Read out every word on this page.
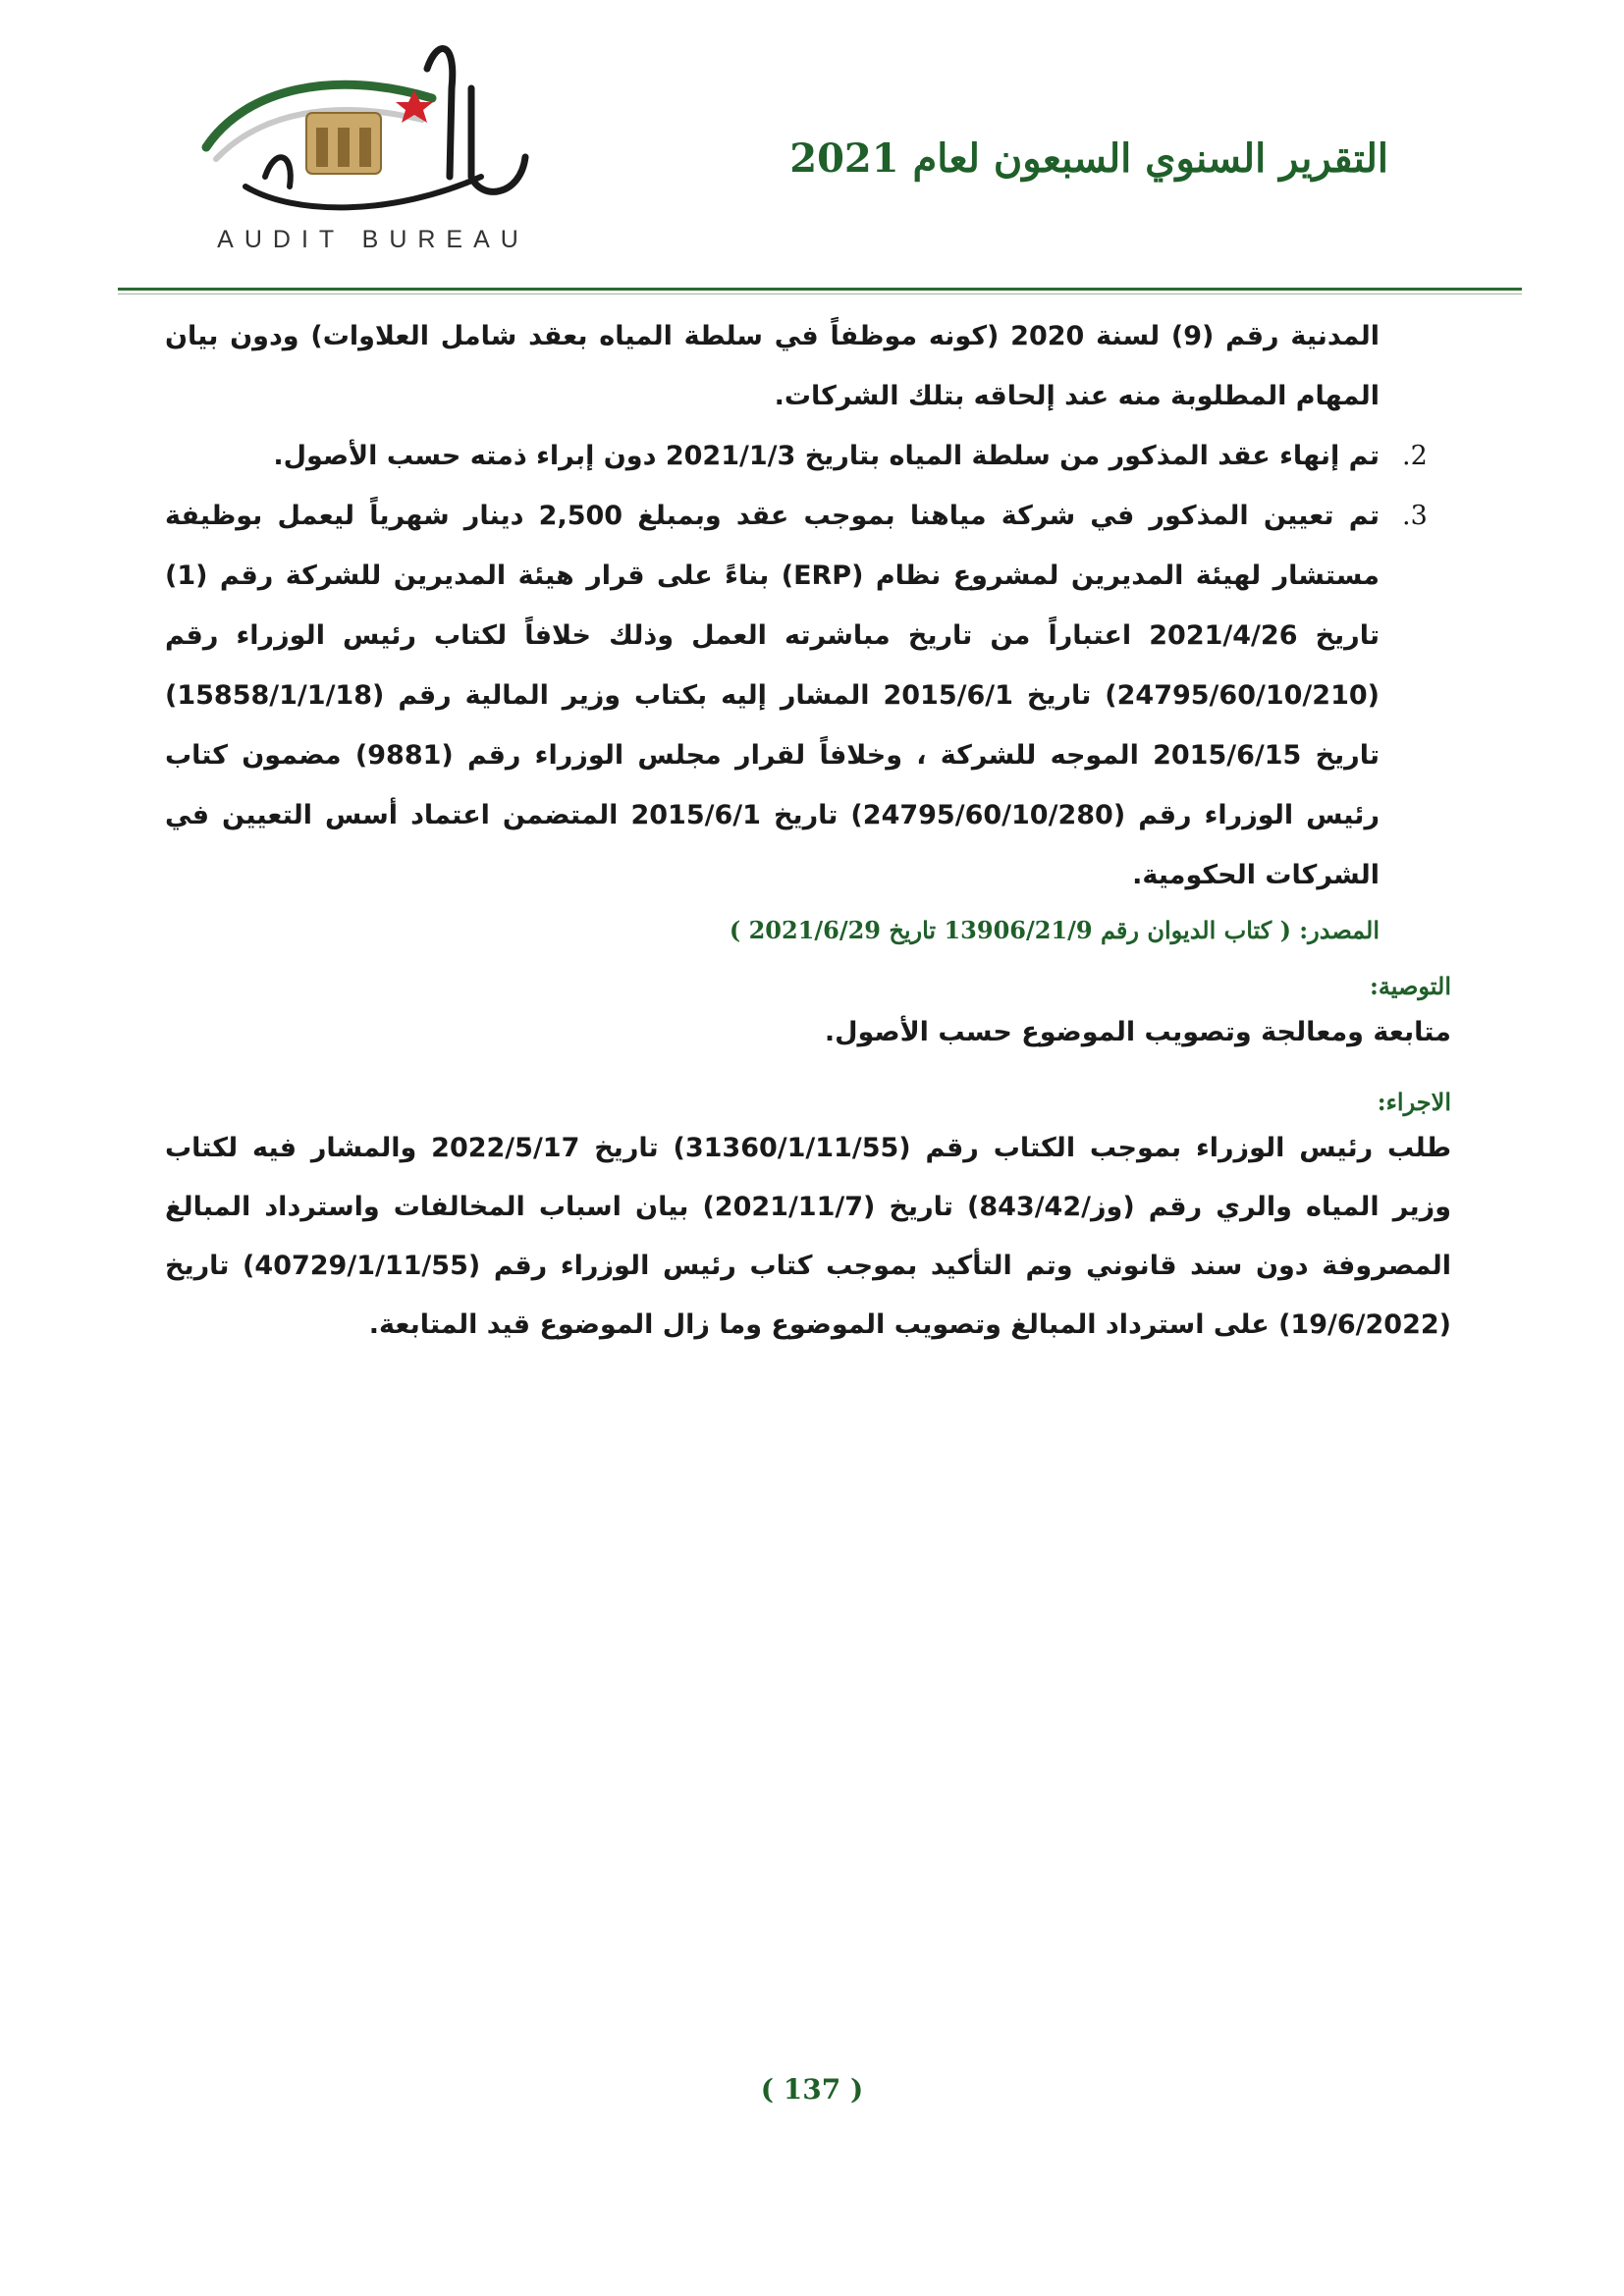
AUDIT BUREAU
التقرير السنوي السبعون لعام 2021

المدنية رقم (9) لسنة 2020 (كونه موظفاً في سلطة المياه بعقد شامل العلاوات) ودون بيان المهام المطلوبة منه عند إلحاقه بتلك الشركات.

2.

تم إنهاء عقد المذكور من سلطة المياه بتاريخ 2021/1/3 دون إبراء ذمته حسب الأصول.

3.

تم تعيين المذكور في شركة مياهنا بموجب عقد وبمبلغ 2,500 دينار شهرياً ليعمل بوظيفة مستشار لهيئة المديرين لمشروع نظام (ERP) بناءً على قرار هيئة المديرين للشركة رقم (1) تاريخ 2021/4/26 اعتباراً من تاريخ مباشرته العمل وذلك خلافاً لكتاب رئيس الوزراء رقم (24795/60/10/210) تاريخ 2015/6/1 المشار إليه بكتاب وزير المالية رقم (15858/1/1/18) تاريخ 2015/6/15 الموجه للشركة ، وخلافاً لقرار مجلس الوزراء رقم (9881) مضمون كتاب رئيس الوزراء رقم (24795/60/10/280) تاريخ 2015/6/1 المتضمن اعتماد أسس التعيين في الشركات الحكومية.

المصدر: ( كتاب الديوان رقم 13906/21/9 تاريخ 2021/6/29 )

التوصية:

متابعة ومعالجة وتصويب الموضوع حسب الأصول.

الاجراء:

طلب رئيس الوزراء بموجب الكتاب رقم (31360/1/11/55) تاريخ 2022/5/17 والمشار فيه لكتاب وزير المياه والري رقم (وز/843/42) تاريخ (2021/11/7) بيان اسباب المخالفات واسترداد المبالغ المصروفة دون سند قانوني وتم التأكيد بموجب كتاب رئيس الوزراء رقم (40729/1/11/55) تاريخ (19/6/2022) على استرداد المبالغ وتصويب الموضوع وما زال الموضوع قيد المتابعة.

( 137 )
